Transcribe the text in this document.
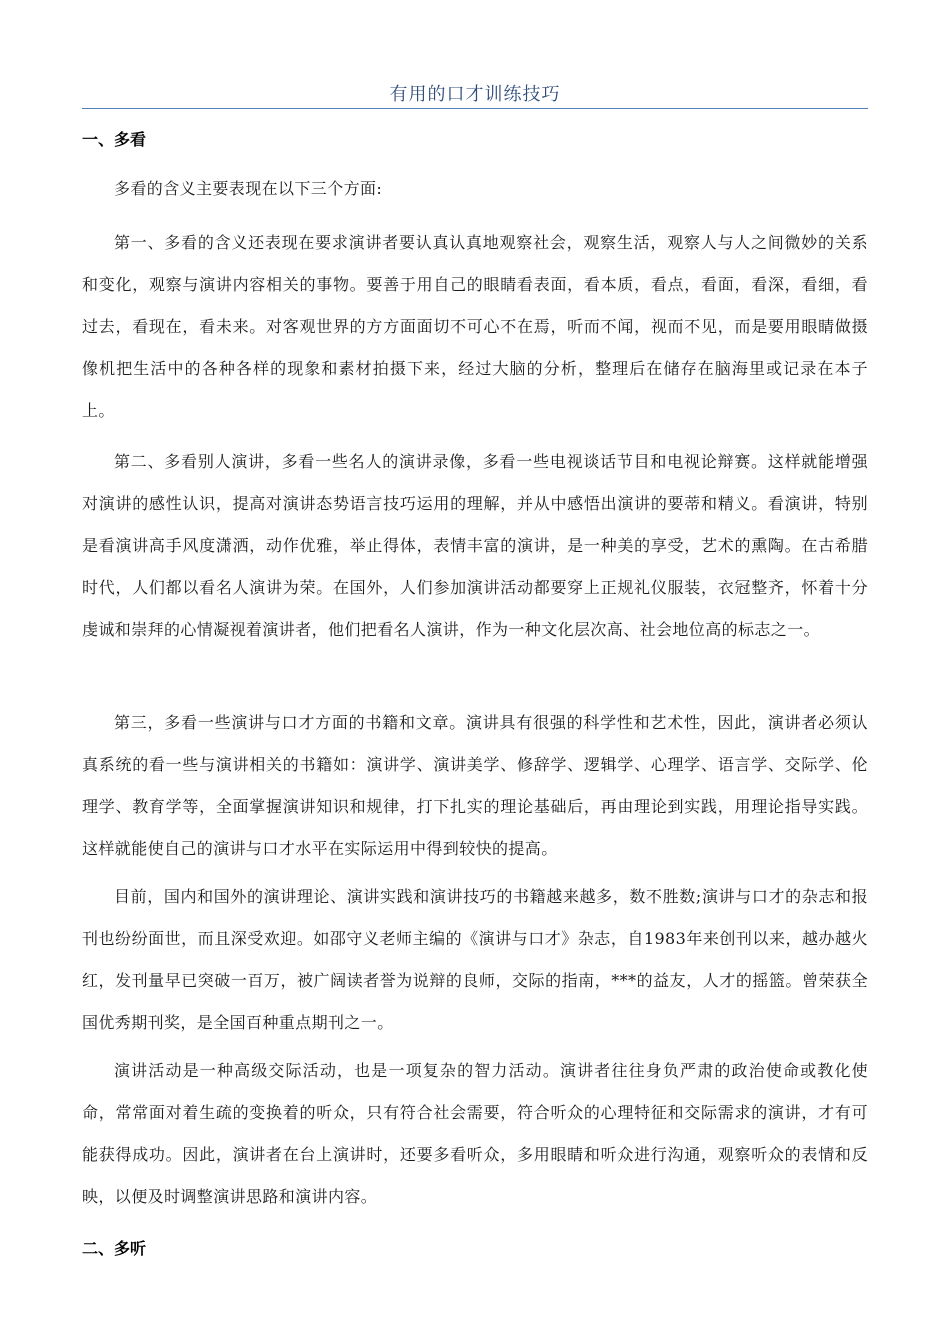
有用的口才训练技巧
一、多看

多看的含义主要表现在以下三个方面:

第一、多看的含义还表现在要求演讲者要认真认真地观察社会，观察生活，观察人与人之间微妙的关系和变化，观察与演讲内容相关的事物。要善于用自己的眼睛看表面，看本质，看点，看面，看深，看细，看过去，看现在，看未来。对客观世界的方方面面切不可心不在焉，听而不闻，视而不见，而是要用眼睛做摄像机把生活中的各种各样的现象和素材拍摄下来，经过大脑的分析，整理后在储存在脑海里或记录在本子上。

第二、多看别人演讲，多看一些名人的演讲录像，多看一些电视谈话节目和电视论辩赛。这样就能增强对演讲的感性认识，提高对演讲态势语言技巧运用的理解，并从中感悟出演讲的要蒂和精义。看演讲，特别是看演讲高手风度潇洒，动作优雅，举止得体，表情丰富的演讲，是一种美的享受，艺术的熏陶。在古希腊时代，人们都以看名人演讲为荣。在国外，人们参加演讲活动都要穿上正规礼仪服装，衣冠整齐，怀着十分虔诚和崇拜的心情凝视着演讲者，他们把看名人演讲，作为一种文化层次高、社会地位高的标志之一。

第三，多看一些演讲与口才方面的书籍和文章。演讲具有很强的科学性和艺术性，因此，演讲者必须认真系统的看一些与演讲相关的书籍如：演讲学、演讲美学、修辞学、逻辑学、心理学、语言学、交际学、伦理学、教育学等，全面掌握演讲知识和规律，打下扎实的理论基础后，再由理论到实践，用理论指导实践。这样就能使自己的演讲与口才水平在实际运用中得到较快的提高。

目前，国内和国外的演讲理论、演讲实践和演讲技巧的书籍越来越多，数不胜数;演讲与口才的杂志和报刊也纷纷面世，而且深受欢迎。如邵守义老师主编的《演讲与口才》杂志，自1983年来创刊以来，越办越火红，发刊量早已突破一百万，被广阔读者誉为说辩的良师，交际的指南，***的益友，人才的摇篮。曾荣获全国优秀期刊奖，是全国百种重点期刊之一。

演讲活动是一种高级交际活动，也是一项复杂的智力活动。演讲者往往身负严肃的政治使命或教化使命，常常面对着生疏的变换着的听众，只有符合社会需要，符合听众的心理特征和交际需求的演讲，才有可能获得成功。因此，演讲者在台上演讲时，还要多看听众，多用眼睛和听众进行沟通，观察听众的表情和反映，以便及时调整演讲思路和演讲内容。

二、多听
